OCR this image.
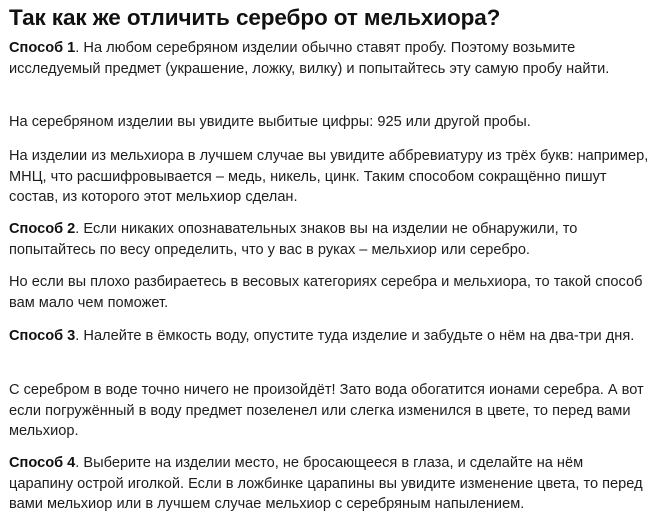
Так как же отличить серебро от мельхиора?

Способ 1. На любом серебряном изделии обычно ставят пробу. Поэтому возьмите исследуемый предмет (украшение, ложку, вилку) и попытайтесь эту самую пробу найти.

На серебряном изделии вы увидите выбитые цифры: 925 или другой пробы.

На изделии из мельхиора в лучшем случае вы увидите аббревиатуру из трёх букв: например, МНЦ, что расшифровывается – медь, никель, цинк. Таким способом сокращённо пишут состав, из которого этот мельхиор сделан.

Способ 2. Если никаких опознавательных знаков вы на изделии не обнаружили, то попытайтесь по весу определить, что у вас в руках – мельхиор или серебро.

Но если вы плохо разбираетесь в весовых категориях серебра и мельхиора, то такой способ вам мало чем поможет.

Способ 3. Налейте в ёмкость воду, опустите туда изделие и забудьте о нём на два-три дня.

С серебром в воде точно ничего не произойдёт! Зато вода обогатится ионами серебра. А вот если погружённый в воду предмет позеленел или слегка изменился в цвете, то перед вами мельхиор.

Способ 4. Выберите на изделии место, не бросающееся в глаза, и сделайте на нём царапину острой иголкой. Если в ложбинке царапины вы увидите изменение цвета, то перед вами мельхиор или в лучшем случае мельхиор с серебряным напылением.
